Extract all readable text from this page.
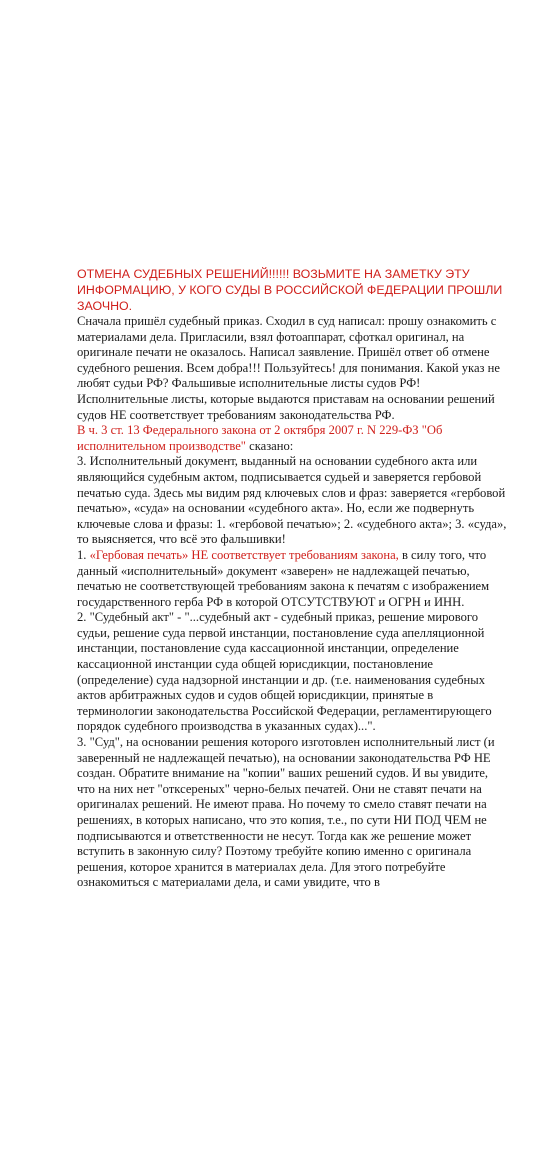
ОТМЕНА СУДЕБНЫХ РЕШЕНИЙ!!!!!! ВОЗЬМИТЕ НА ЗАМЕТКУ ЭТУ ИНФОРМАЦИЮ, У КОГО СУДЫ В РОССИЙСКОЙ ФЕДЕРАЦИИ ПРОШЛИ ЗАОЧНО.

Сначала пришёл судебный приказ. Сходил в суд написал: прошу ознакомить с материалами дела. Пригласили, взял фотоаппарат, сфоткал оригинал, на оригинале печати не оказалось. Написал заявление. Пришёл ответ об отмене судебного решения. Всем добра!!! Пользуйтесь! для понимания. Какой указ не любят судьи РФ? Фальшивые исполнительные листы судов РФ! Исполнительные листы, которые выдаются приставам на основании решений судов НЕ соответствует требованиям законодательства РФ.

В ч. 3 ст. 13 Федерального закона от 2 октября 2007 г. N 229-ФЗ "Об исполнительном производстве" сказано:

3. Исполнительный документ, выданный на основании судебного акта или являющийся судебным актом, подписывается судьей и заверяется гербовой печатью суда. Здесь мы видим ряд ключевых слов и фраз: заверяется «гербовой печатью», «суда» на основании «судебного акта». Но, если же подвернуть ключевые слова и фразы: 1. «гербовой печатью»; 2. «судебного акта»; 3. «суда», то выясняется, что всё это фальшивки!

1. «Гербовая печать» НЕ соответствует требованиям закона, в силу того, что данный «исполнительный» документ «заверен» не надлежащей печатью, печатью не соответствующей требованиям закона к печатям с изображением государственного герба РФ в которой ОТСУТСТВУЮТ и ОГРН и ИНН.

2. "Судебный акт" - "...судебный акт - судебный приказ, решение мирового судьи, решение суда первой инстанции, постановление суда апелляционной инстанции, постановление суда кассационной инстанции, определение кассационной инстанции суда общей юрисдикции, постановление (определение) суда надзорной инстанции и др. (т.е. наименования судебных актов арбитражных судов и судов общей юрисдикции, принятые в терминологии законодательства Российской Федерации, регламентирующего порядок судебного производства в указанных судах)...".

3. "Суд", на основании решения которого изготовлен исполнительный лист (и заверенный не надлежащей печатью), на основании законодательства РФ НЕ создан. Обратите внимание на "копии" ваших решений судов. И вы увидите, что на них нет "отксереных" черно-белых печатей. Они не ставят печати на оригиналах решений. Не имеют права. Но почему то смело ставят печати на решениях, в которых написано, что это копия, т.е., по сути НИ ПОД ЧЕМ не подписываются и ответственности не несут. Тогда как же решение может вступить в законную силу? Поэтому требуйте копию именно с оригинала решения, которое хранится в материалах дела. Для этого потребуйте ознакомиться с материалами дела, и сами увидите, что в
